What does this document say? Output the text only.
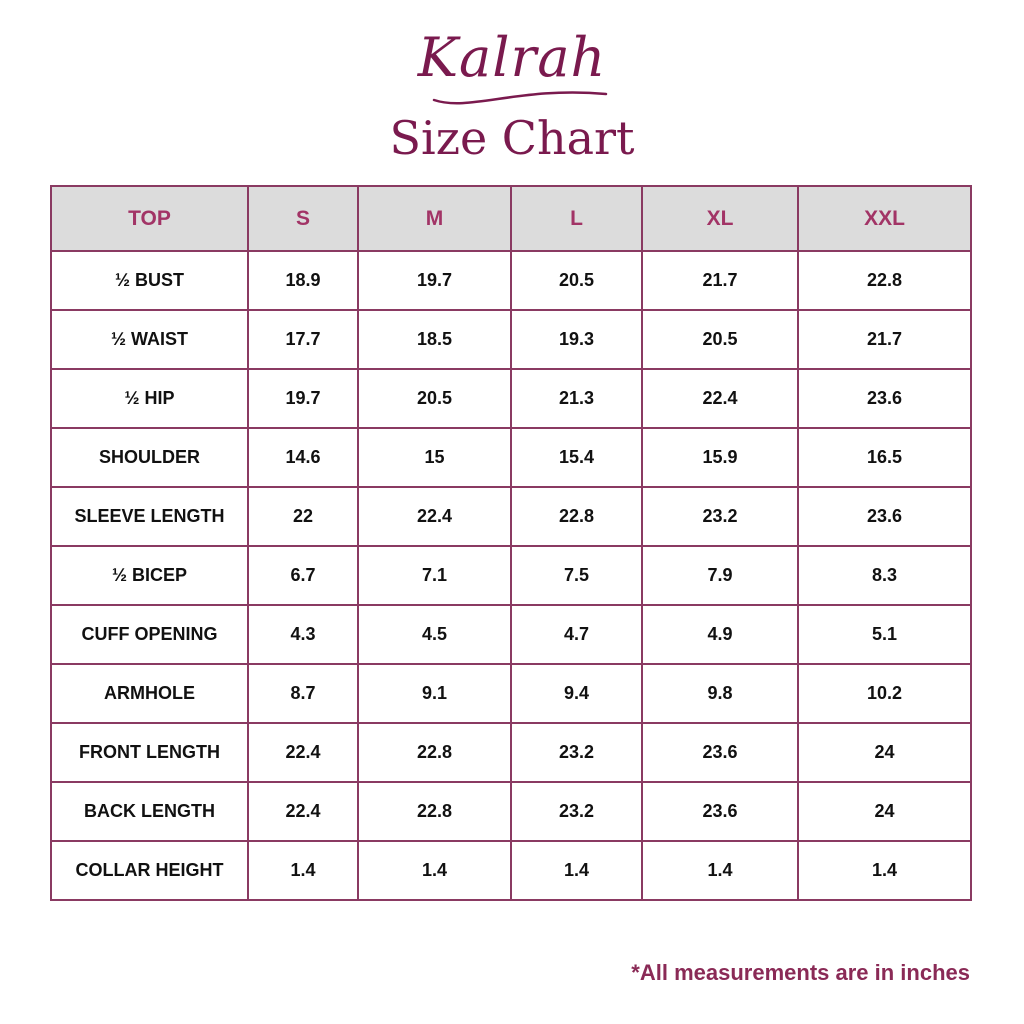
Kalrah
Size Chart
TOP	S	M	L	XL	XXL
½ BUST	18.9	19.7	20.5	21.7	22.8
½ WAIST	17.7	18.5	19.3	20.5	21.7
½ HIP	19.7	20.5	21.3	22.4	23.6
SHOULDER	14.6	15	15.4	15.9	16.5
SLEEVE LENGTH	22	22.4	22.8	23.2	23.6
½ BICEP	6.7	7.1	7.5	7.9	8.3
CUFF OPENING	4.3	4.5	4.7	4.9	5.1
ARMHOLE	8.7	9.1	9.4	9.8	10.2
FRONT LENGTH	22.4	22.8	23.2	23.6	24
BACK LENGTH	22.4	22.8	23.2	23.6	24
COLLAR HEIGHT	1.4	1.4	1.4	1.4	1.4
*All measurements are in inches
